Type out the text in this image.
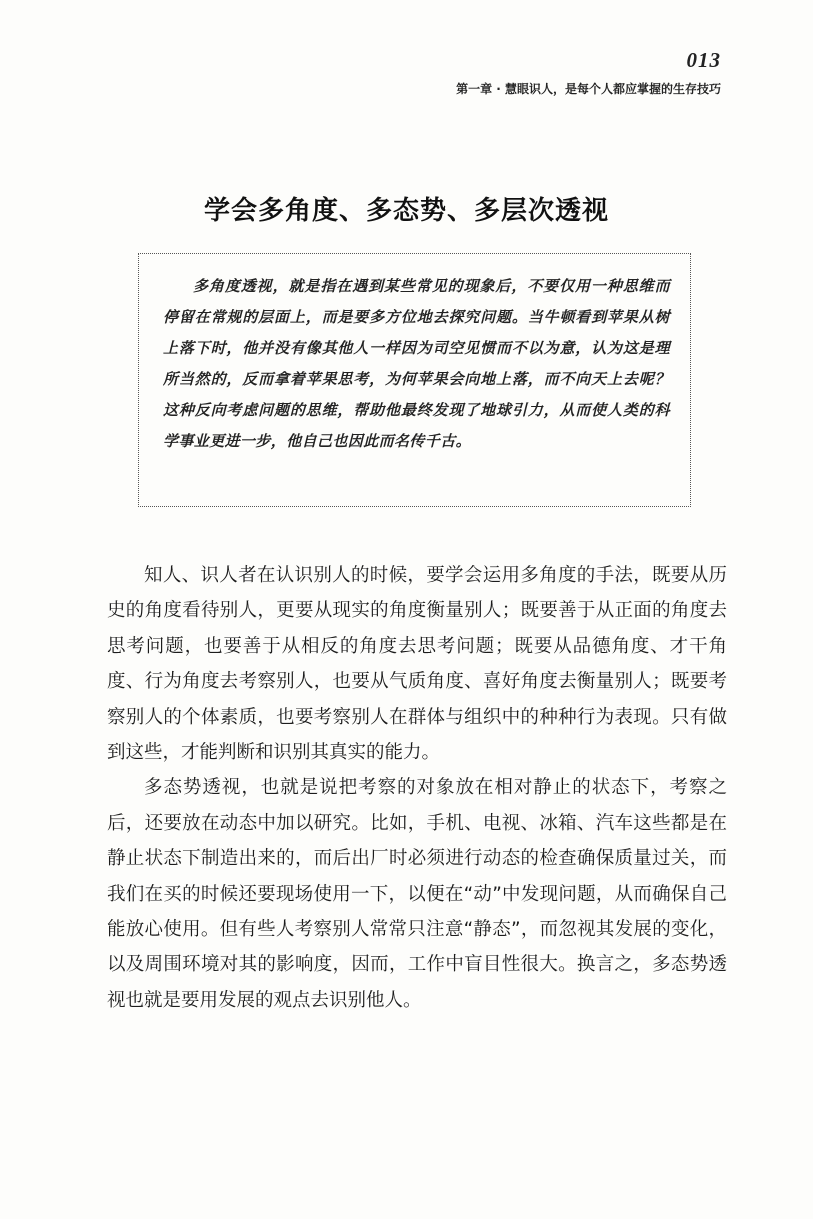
013
第一章 · 慧眼识人，是每个人都应掌握的生存技巧
学会多角度、多态势、多层次透视

多角度透视，就是指在遇到某些常见的现象后，不要仅用一种思维而停留在常规的层面上，而是要多方位地去探究问题。当牛顿看到苹果从树上落下时，他并没有像其他人一样因为司空见惯而不以为意，认为这是理所当然的，反而拿着苹果思考，为何苹果会向地上落，而不向天上去呢？这种反向考虑问题的思维，帮助他最终发现了地球引力，从而使人类的科学事业更进一步，他自己也因此而名传千古。

知人、识人者在认识别人的时候，要学会运用多角度的手法，既要从历史的角度看待别人，更要从现实的角度衡量别人；既要善于从正面的角度去思考问题，也要善于从相反的角度去思考问题；既要从品德角度、才干角度、行为角度去考察别人，也要从气质角度、喜好角度去衡量别人；既要考察别人的个体素质，也要考察别人在群体与组织中的种种行为表现。只有做到这些，才能判断和识别其真实的能力。

多态势透视，也就是说把考察的对象放在相对静止的状态下，考察之后，还要放在动态中加以研究。比如，手机、电视、冰箱、汽车这些都是在静止状态下制造出来的，而后出厂时必须进行动态的检查确保质量过关，而我们在买的时候还要现场使用一下，以便在“动”中发现问题，从而确保自己能放心使用。但有些人考察别人常常只注意“静态”，而忽视其发展的变化，以及周围环境对其的影响度，因而，工作中盲目性很大。换言之，多态势透视也就是要用发展的观点去识别他人。
